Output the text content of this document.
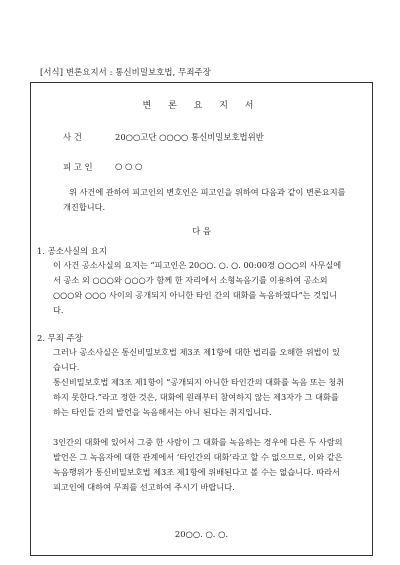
[서식] 변론요지서 : 통신비밀보호법, 무죄주장
변 론 요 지 서
사 건	20○○고단 ○○○○ 통신비밀보호법위반
피 고 인	○ ○ ○
위 사건에 관하여 피고인의 변호인은 피고인을 위하여 다음과 같이 변론요지를 개진합니다.
다 음
1. 공소사실의 요지
이 사건 공소사실의 요지는 “피고인은 20○○. ○. ○. 00:00경 ○○○의 사무실에서 공소 외 ○○○와 ○○○가 함께 한 자리에서 소형녹음기를 이용하여 공소외 ○○○와 ○○○ 사이의 공개되지 아니한 타인 간의 대화를 녹음하였다”는 것입니다.
2. 무죄 주장
그러나 공소사실은 통신비밀보호법 제3조 제1항에 대한 법리를 오해한 위법이 있습니다.
통신비밀보호법 제3조 제1항이 “공개되지 아니한 타인간의 대화를 녹음 또는 청취하지 못한다.”라고 정한 것은, 대화에 원래부터 참여하지 않는 제3자가 그 대화를 하는 타인들 간의 발언을 녹음해서는 아니 된다는 취지입니다.
3인간의 대화에 있어서 그중 한 사람이 그 대화를 녹음하는 경우에 다른 두 사람의 발언은 그 녹음자에 대한 관계에서 ‘타인간의 대화’라고 할 수 없으므로, 이와 같은 녹음행위가 통신비밀보호법 제3조 제1항에 위배된다고 볼 수는 없습니다. 따라서 피고인에 대하여 무죄를 선고하여 주시기 바랍니다.
20○○. ○. ○.
